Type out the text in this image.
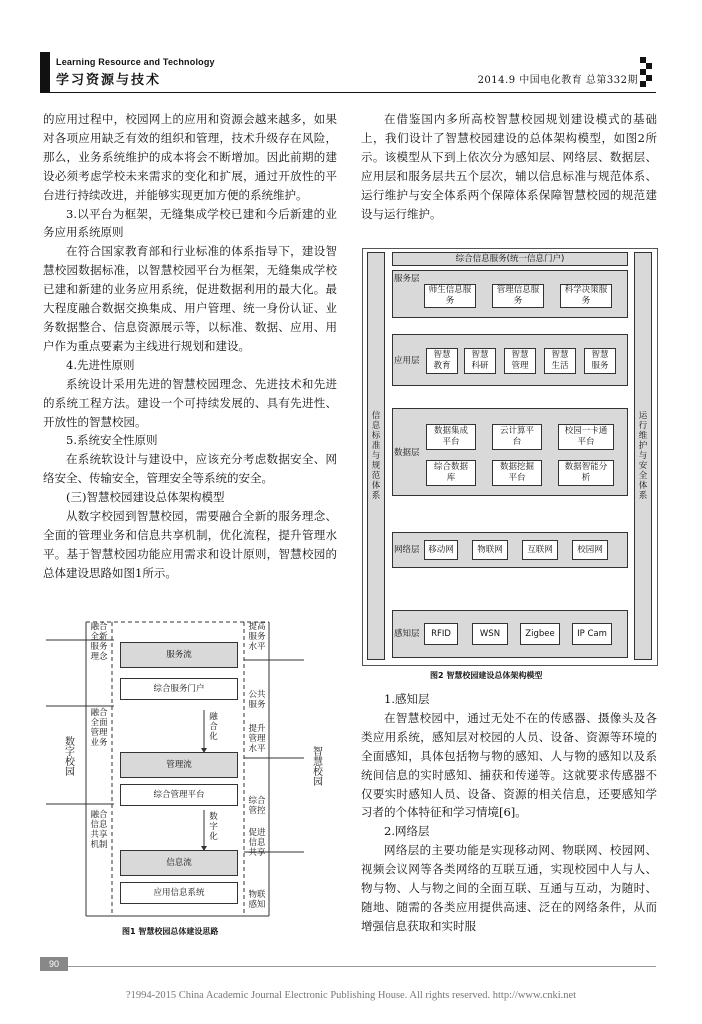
Learning Resource and Technology
学习资源与技术	2014.9 中国电化教育 总第332期

的应用过程中，校园网上的应用和资源会越来越多，如果对各项应用缺乏有效的组织和管理，技术升级存在风险，那么，业务系统维护的成本将会不断增加。因此前期的建设必须考虑学校未来需求的变化和扩展，通过开放性的平台进行持续改进，并能够实现更加方便的系统维护。

3.以平台为框架，无缝集成学校已建和今后新建的业务应用系统原则

在符合国家教育部和行业标准的体系指导下，建设智慧校园数据标准，以智慧校园平台为框架，无缝集成学校已建和新建的业务应用系统，促进数据利用的最大化。最大程度融合数据交换集成、用户管理、统一身份认证、业务数据整合、信息资源展示等，以标准、数据、应用、用户作为重点要素为主线进行规划和建设。

4.先进性原则

系统设计采用先进的智慧校园理念、先进技术和先进的系统工程方法。建设一个可持续发展的、具有先进性、开放性的智慧校园。

5.系统安全性原则

在系统软设计与建设中，应该充分考虑数据安全、网络安全、传输安全，管理安全等系统的安全。

(三)智慧校园建设总体架构模型

从数字校园到智慧校园，需要融合全新的服务理念、全面的管理业务和信息共享机制，优化流程，提升管理水平。基于智慧校园功能应用需求和设计原则，智慧校园的总体建设思路如图1所示。

数字校园
智慧校园
融合全新服务理念
融合全面管理业务
融合信息共享机制
提高服务水平
公共服务
提升管理水平
综合管控
促进信息共享
物联感知
服务流
综合服务门户
管理流
综合管理平台
信息流
应用信息系统
融合化
数字化
图1 智慧校园总体建设思路

在借鉴国内多所高校智慧校园规划建设模式的基础上，我们设计了智慧校园建设的总体架构模型，如图2所示。该模型从下到上依次分为感知层、网络层、数据层、应用层和服务层共五个层次，辅以信息标准与规范体系、运行维护与安全体系两个保障体系保障智慧校园的规范建设与运行维护。

信息标准与规范体系
运行维护与安全体系
综合信息服务(统一信息门户)
服务层
师生信息服务
管理信息服务
科学决策服务
应用层
智慧教育
智慧科研
智慧管理
智慧生活
智慧服务
数据层
数据集成平台
云计算平台
校园一卡通平台
综合数据库
数据挖掘平台
数据智能分析
网络层	移动网	物联网	互联网	校园网
感知层	RFID	WSN	Zigbee	IP Cam
图2 智慧校园建设总体架构模型

1.感知层

在智慧校园中，通过无处不在的传感器、摄像头及各类应用系统，感知层对校园的人员、设备、资源等环境的全面感知，具体包括物与物的感知、人与物的感知以及系统间信息的实时感知、捕获和传递等。这就要求传感器不仅要实时感知人员、设备、资源的相关信息，还要感知学习者的个体特征和学习情境[6]。

2.网络层

网络层的主要功能是实现移动网、物联网、校园网、视频会议网等各类网络的互联互通，实现校园中人与人、物与物、人与物之间的全面互联、互通与互动，为随时、随地、随需的各类应用提供高速、泛在的网络条件，从而增强信息获取和实时服

90
?1994-2015 China Academic Journal Electronic Publishing House. All rights reserved. http://www.cnki.net
